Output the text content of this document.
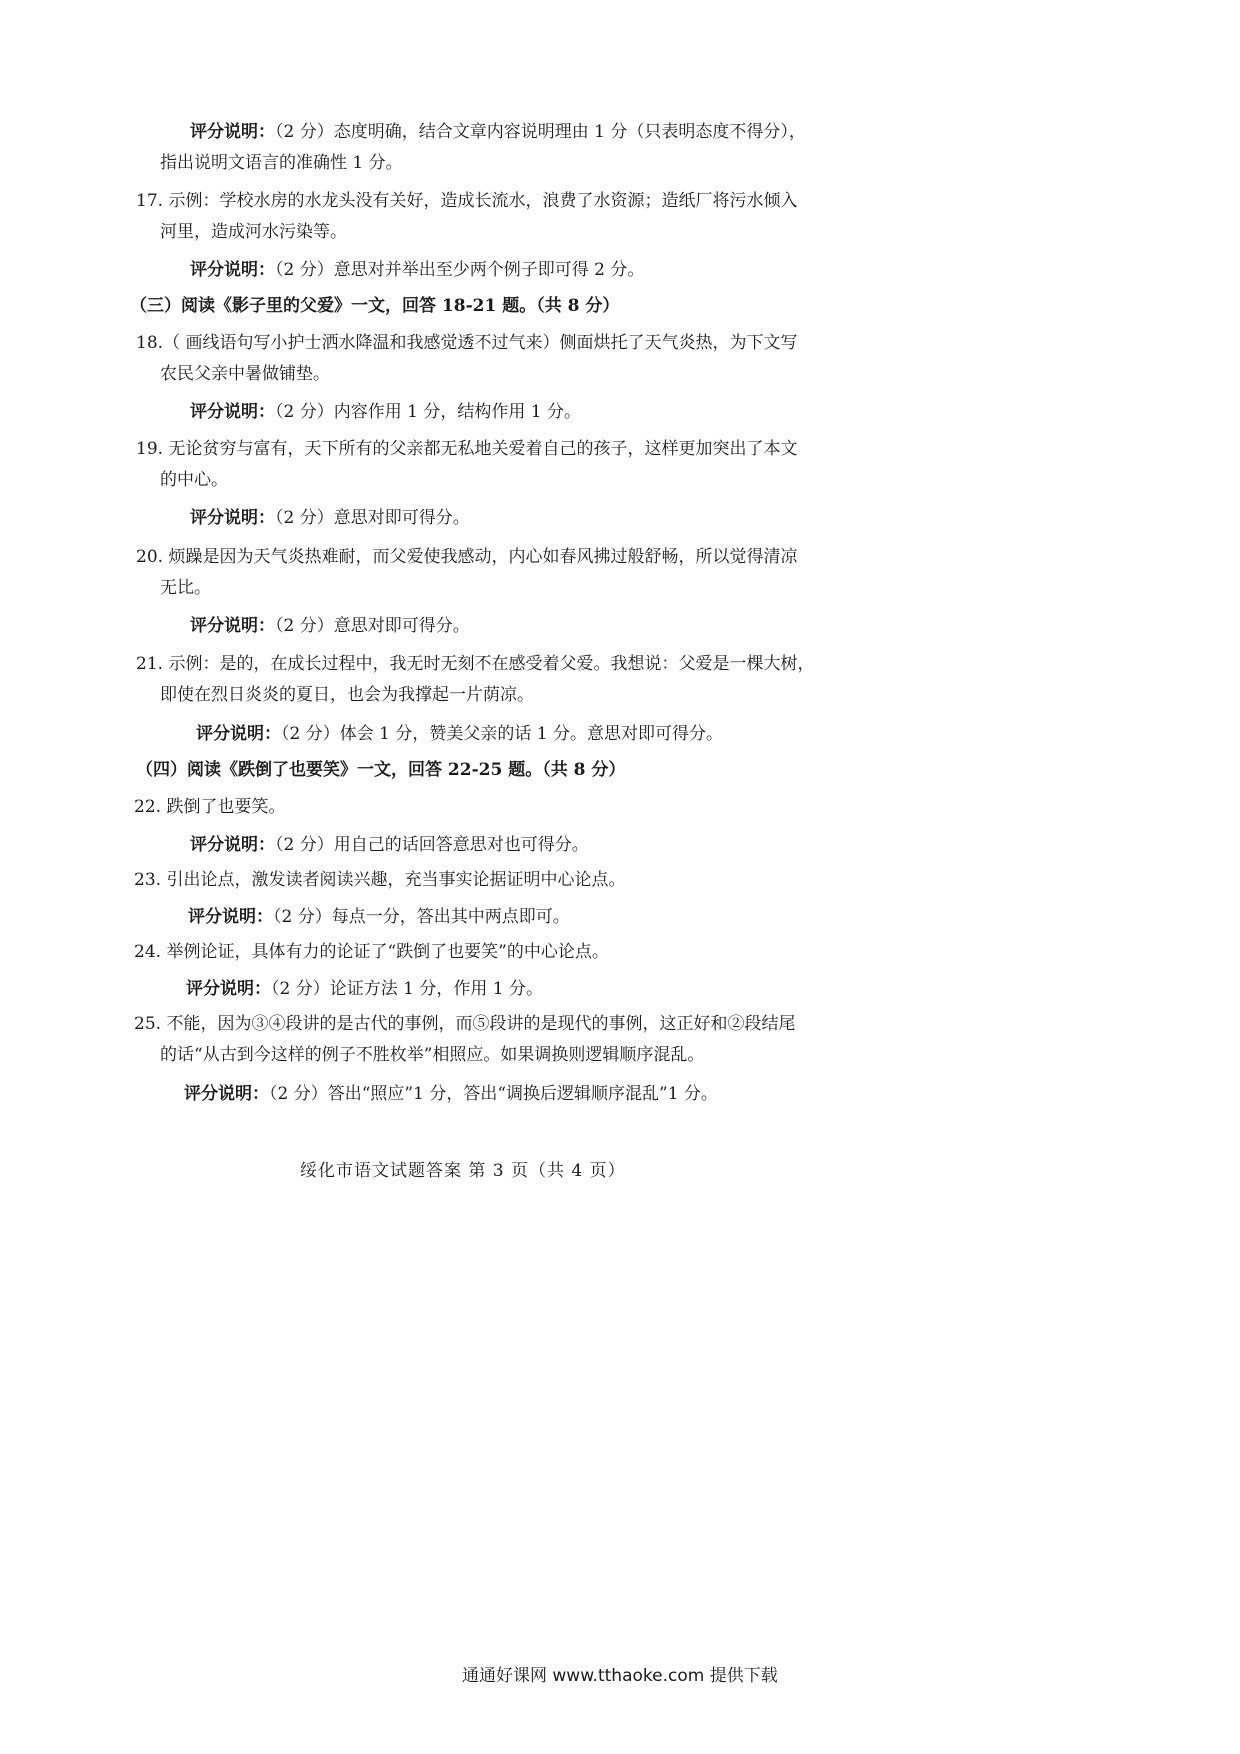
评分说明：（2 分）态度明确，结合文章内容说明理由 1 分（只表明态度不得分），
指出说明文语言的准确性 1 分。
17. 示例：学校水房的水龙头没有关好，造成长流水，浪费了水资源；造纸厂将污水倾入
河里，造成河水污染等。
评分说明：（2 分）意思对并举出至少两个例子即可得 2 分。
（三）阅读《影子里的父爱》一文，回答 18-21 题。（共 8 分）
18.（ 画线语句写小护士洒水降温和我感觉透不过气来）侧面烘托了天气炎热，为下文写
农民父亲中暑做铺垫。
评分说明：（2 分）内容作用 1 分，结构作用 1 分。
19. 无论贫穷与富有，天下所有的父亲都无私地关爱着自己的孩子，这样更加突出了本文
的中心。
评分说明：（2 分）意思对即可得分。
20. 烦躁是因为天气炎热难耐，而父爱使我感动，内心如春风拂过般舒畅，所以觉得清凉
无比。
评分说明：（2 分）意思对即可得分。
21. 示例：是的，在成长过程中，我无时无刻不在感受着父爱。我想说：父爱是一棵大树，
即使在烈日炎炎的夏日，也会为我撑起一片荫凉。
评分说明：（2 分）体会 1 分，赞美父亲的话 1 分。意思对即可得分。
（四）阅读《跌倒了也要笑》一文，回答 22-25 题。（共 8 分）
22. 跌倒了也要笑。
评分说明：（2 分）用自己的话回答意思对也可得分。
23. 引出论点，激发读者阅读兴趣，充当事实论据证明中心论点。
评分说明：（2 分）每点一分，答出其中两点即可。
24. 举例论证，具体有力的论证了“跌倒了也要笑”的中心论点。
评分说明：（2 分）论证方法 1 分，作用 1 分。
25. 不能，因为③④段讲的是古代的事例，而⑤段讲的是现代的事例，这正好和②段结尾
的话“从古到今这样的例子不胜枚举”相照应。如果调换则逻辑顺序混乱。
评分说明：（2 分）答出“照应”1 分，答出“调换后逻辑顺序混乱”1 分。
绥化市语文试题答案 第 3 页（共 4 页）
通通好课网 www.tthaoke.com 提供下载
